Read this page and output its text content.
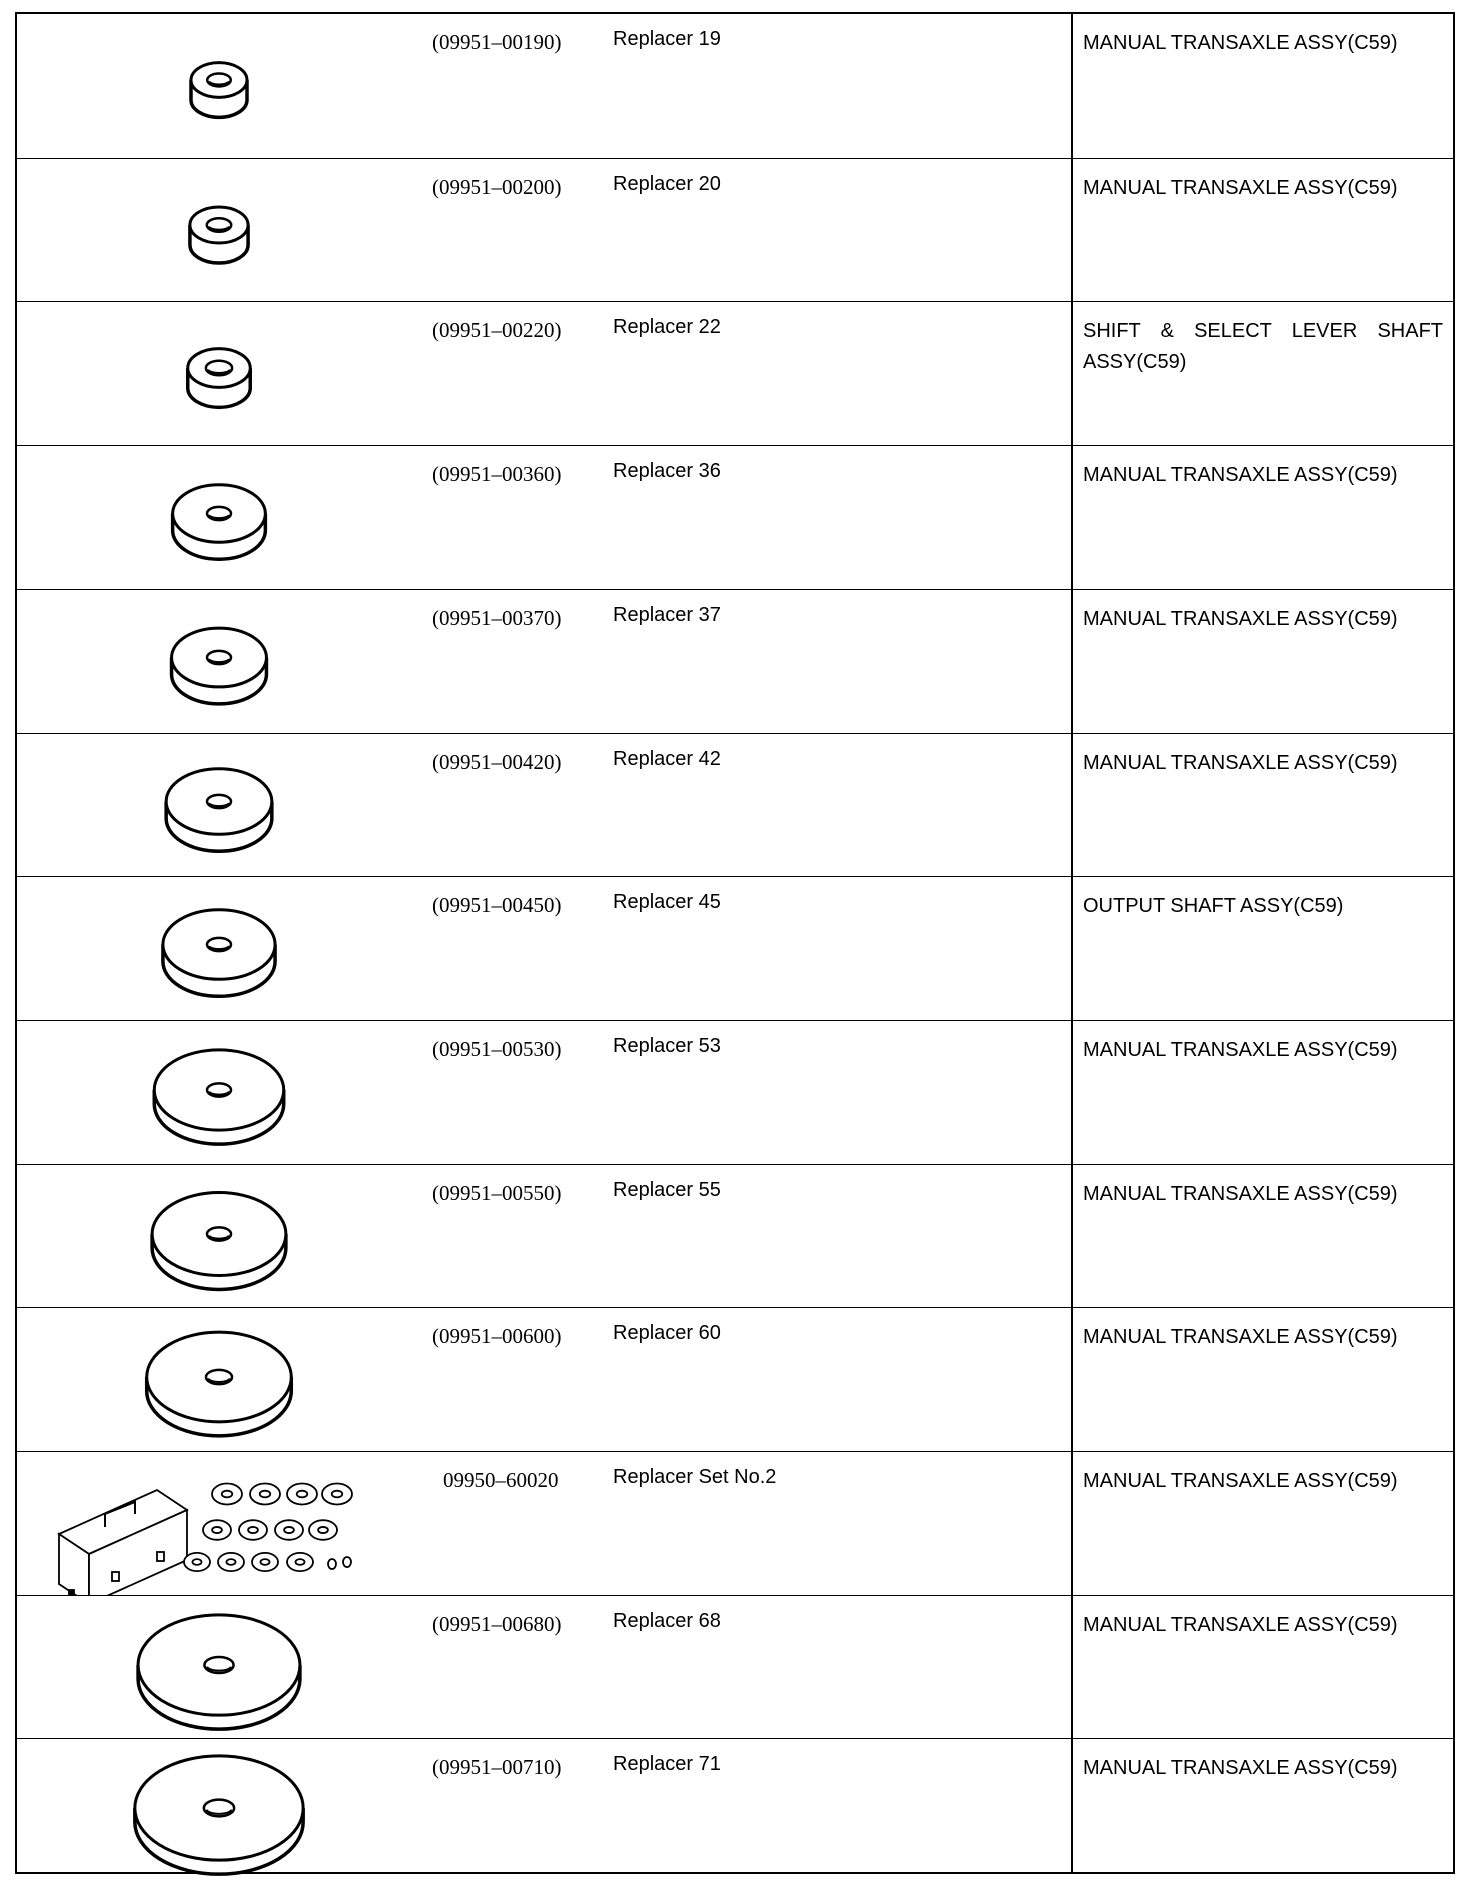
(09951–00190)	Replacer 19	MANUAL TRANSAXLE ASSY(C59)
(09951–00200)	Replacer 20	MANUAL TRANSAXLE ASSY(C59)
(09951–00220)	Replacer 22	SHIFT & SELECT LEVER SHAFT ASSY(C59)
(09951–00360)	Replacer 36	MANUAL TRANSAXLE ASSY(C59)
(09951–00370)	Replacer 37	MANUAL TRANSAXLE ASSY(C59)
(09951–00420)	Replacer 42	MANUAL TRANSAXLE ASSY(C59)
(09951–00450)	Replacer 45	OUTPUT SHAFT ASSY(C59)
(09951–00530)	Replacer 53	MANUAL TRANSAXLE ASSY(C59)
(09951–00550)	Replacer 55	MANUAL TRANSAXLE ASSY(C59)
(09951–00600)	Replacer 60	MANUAL TRANSAXLE ASSY(C59)
09950–60020	Replacer Set No.2	MANUAL TRANSAXLE ASSY(C59)
(09951–00680)	Replacer 68	MANUAL TRANSAXLE ASSY(C59)
(09951–00710)	Replacer 71	MANUAL TRANSAXLE ASSY(C59)
